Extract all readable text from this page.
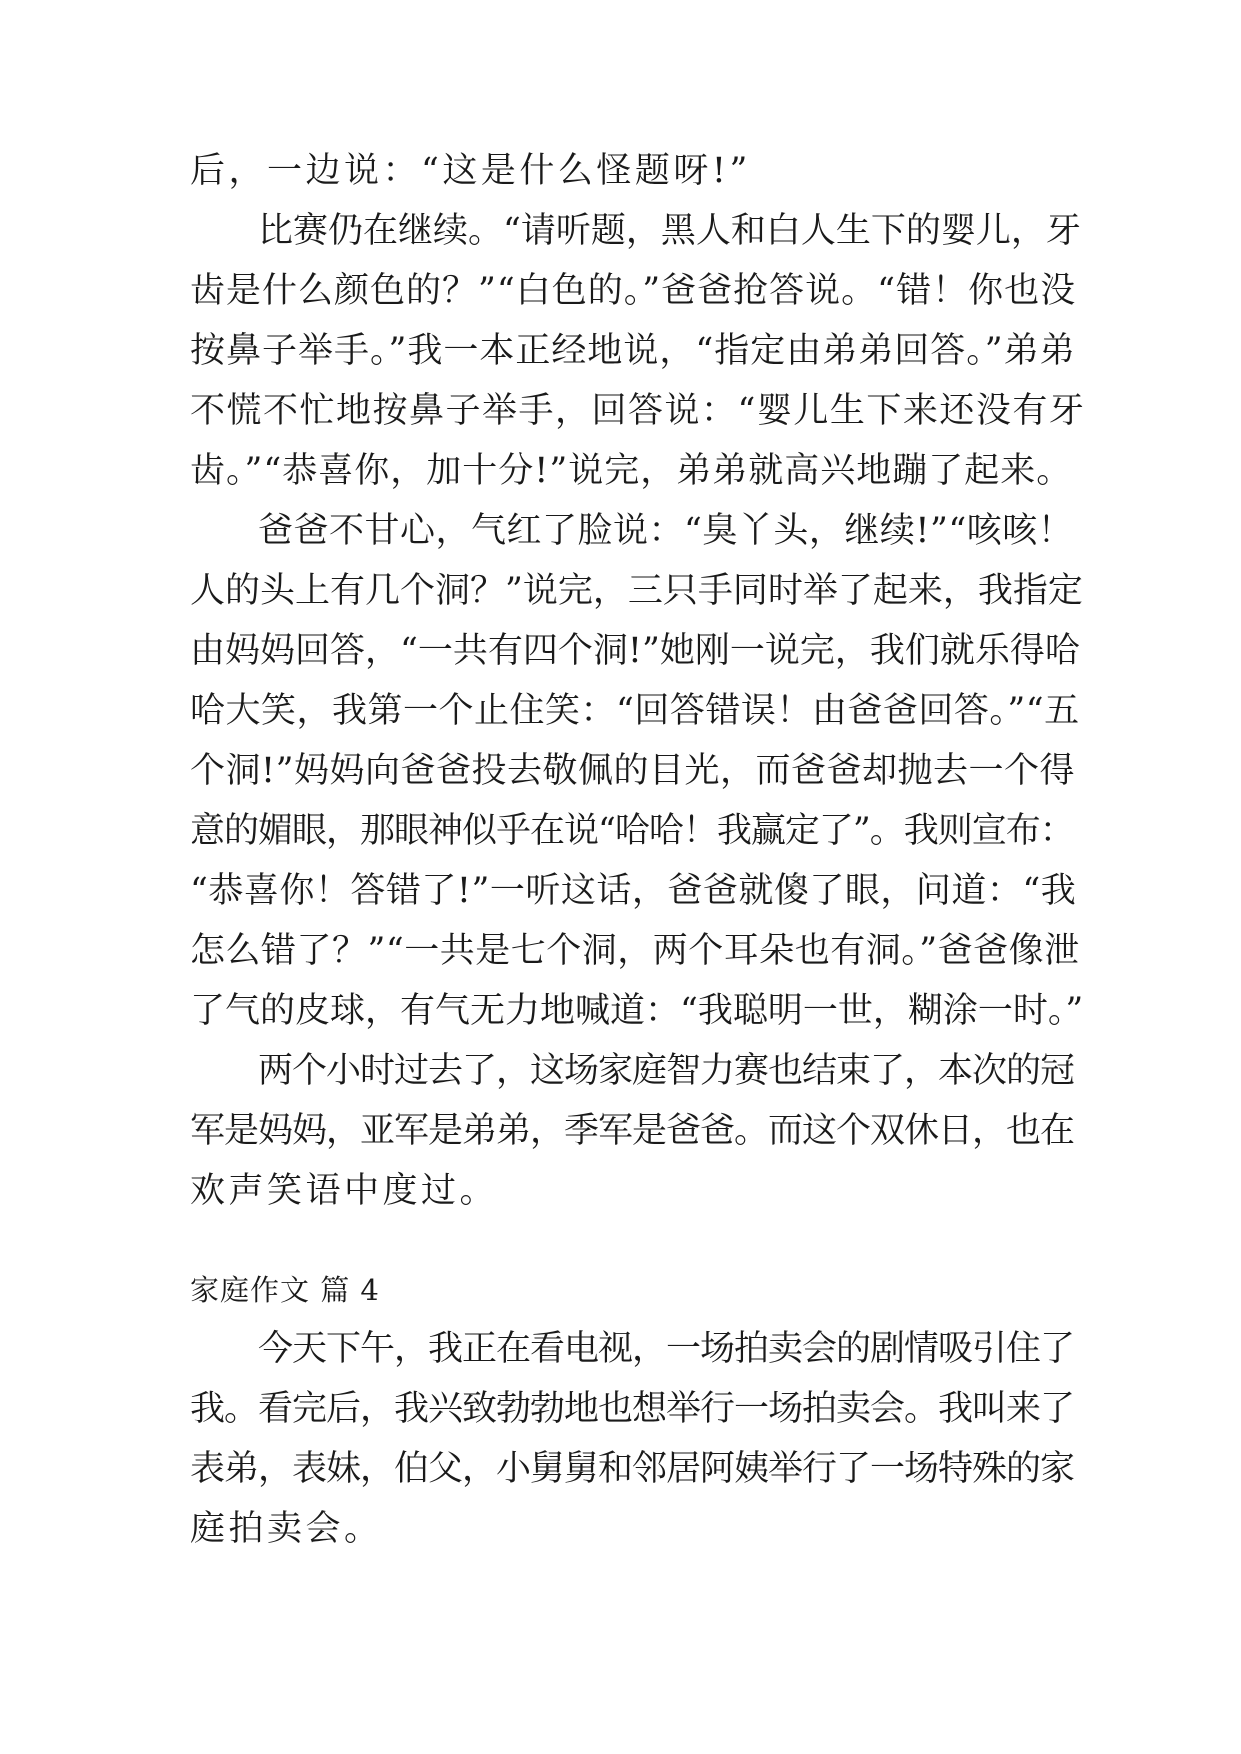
后，一边说：“这是什么怪题呀!”
比赛仍在继续。“请听题，黑人和白人生下的婴儿，牙
齿是什么颜色的？”“白色的。”爸爸抢答说。“错！你也没
按鼻子举手。”我一本正经地说，“指定由弟弟回答。”弟弟
不慌不忙地按鼻子举手，回答说：“婴儿生下来还没有牙
齿。”“恭喜你，加十分!”说完，弟弟就高兴地蹦了起来。
爸爸不甘心，气红了脸说：“臭丫头，继续!”“咳咳！
人的头上有几个洞？”说完，三只手同时举了起来，我指定
由妈妈回答，“一共有四个洞!”她刚一说完，我们就乐得哈
哈大笑，我第一个止住笑：“回答错误！由爸爸回答。”“五
个洞!”妈妈向爸爸投去敬佩的目光，而爸爸却抛去一个得
意的媚眼，那眼神似乎在说“哈哈！我赢定了”。我则宣布：
“恭喜你！答错了!”一听这话，爸爸就傻了眼，问道：“我
怎么错了？”“一共是七个洞，两个耳朵也有洞。”爸爸像泄
了气的皮球，有气无力地喊道：“我聪明一世，糊涂一时。”
两个小时过去了，这场家庭智力赛也结束了，本次的冠
军是妈妈，亚军是弟弟，季军是爸爸。而这个双休日，也在
欢声笑语中度过。
家庭作文 篇 4
今天下午，我正在看电视，一场拍卖会的剧情吸引住了
我。看完后，我兴致勃勃地也想举行一场拍卖会。我叫来了
表弟，表妹，伯父，小舅舅和邻居阿姨举行了一场特殊的家
庭拍卖会。
